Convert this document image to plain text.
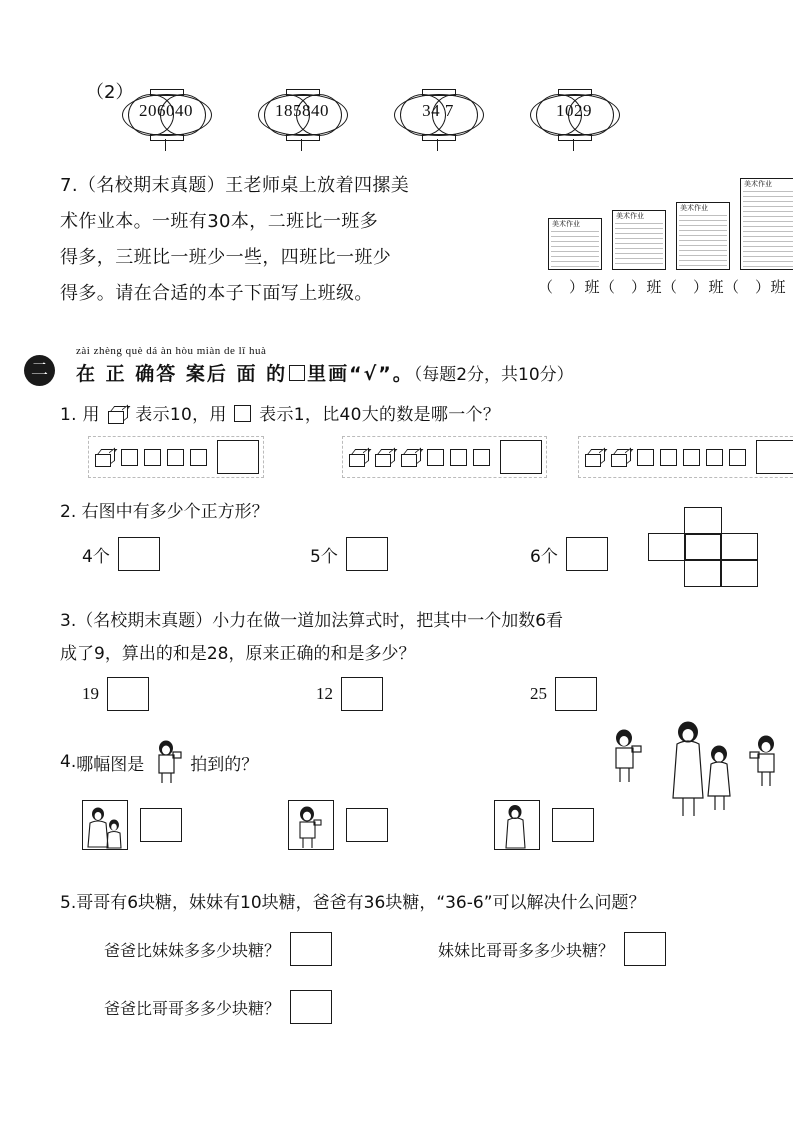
（2）
206040	185840	34 7	1029
7.（名校期末真题）王老师桌上放着四摞美
术作业本。一班有30本，二班比一班多
得多，三班比一班少一些，四班比一班少
得多。请在合适的本子下面写上班级。
美术作业
美术作业
美术作业
美术作业
（　）班（　）班（　）班（　）班
二
zài zhèng què dá àn hòu miàn de lǐ huà
在 正 确答 案后 面 的 里画“√”。（每题2分，共10分）
1. 用 表示10，用 表示1，比40大的数是哪一个？
2. 右图中有多少个正方形？
4个	5个	6个
3.（名校期末真题）小力在做一道加法算式时，把其中一个加数6看
成了9，算出的和是28，原来正确的和是多少？
19	12	25
4. 哪幅图是	拍到的？
5.哥哥有6块糖，妹妹有10块糖，爸爸有36块糖，“36-6”可以解决什么问题？
爸爸比妹妹多多少块糖？	妹妹比哥哥多多少块糖？
爸爸比哥哥多多少块糖？
